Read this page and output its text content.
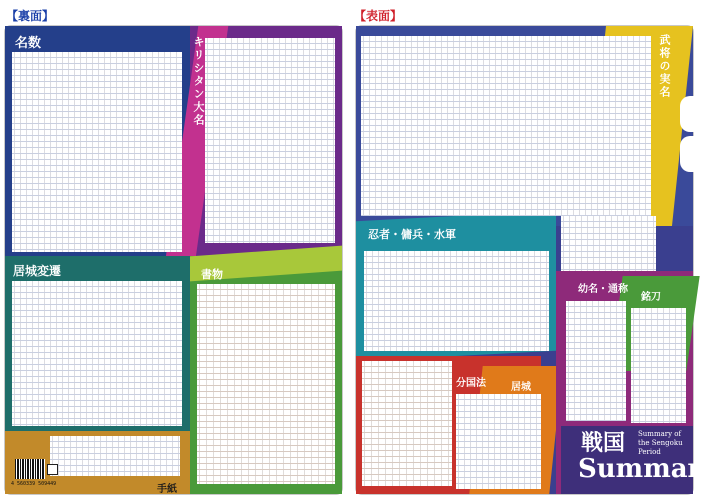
【裏面】	【表面】
名数	キリシタン大名
居城変遷	書物
手紙
4 560339 509449
武将の実名
忍者・傭兵・水軍
分国法	居城
幼名・通称
銘刀
戦国 Summary of
the Sengoku Period
Summary
